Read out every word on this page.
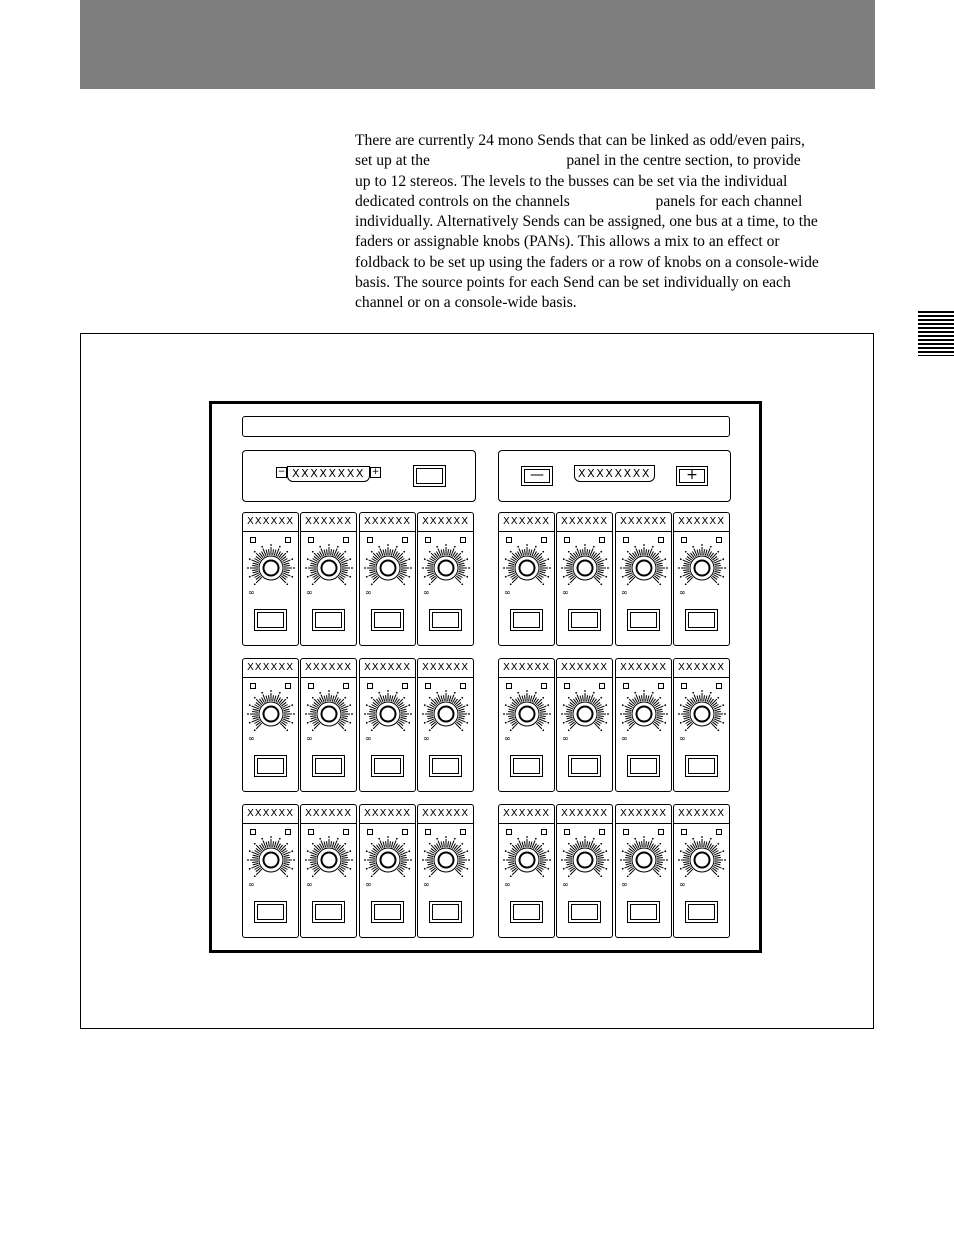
There are currently 24 mono Sends that can be linked as odd/even pairs,

set up at the                                   panel in the centre section, to provide

up to 12 stereos. The levels to the busses can be set via the individual

dedicated controls on the channels                      panels for each channel

individually. Alternatively Sends can be assigned, one bus at a time, to the

faders or assignable knobs (PANs). This allows a mix to an effect or

foldback to be set up using the faders or a row of knobs on a console-wide

basis. The source points for each Send can be set individually on each

channel or on a console-wide basis.

− XXXXXXXX +	—	XXXXXXXX	+
XXXXXX
∞
XXXXXX
∞
XXXXXX
∞
XXXXXX
∞
XXXXXX
∞
XXXXXX
∞
XXXXXX
∞
XXXXXX
∞
XXXXXX
∞
XXXXXX
∞
XXXXXX
∞
XXXXXX
∞
XXXXXX
∞
XXXXXX
∞
XXXXXX
∞
XXXXXX
∞
XXXXXX
∞
XXXXXX
∞
XXXXXX
∞
XXXXXX
∞
XXXXXX
∞
XXXXXX
∞
XXXXXX
∞
XXXXXX
∞
